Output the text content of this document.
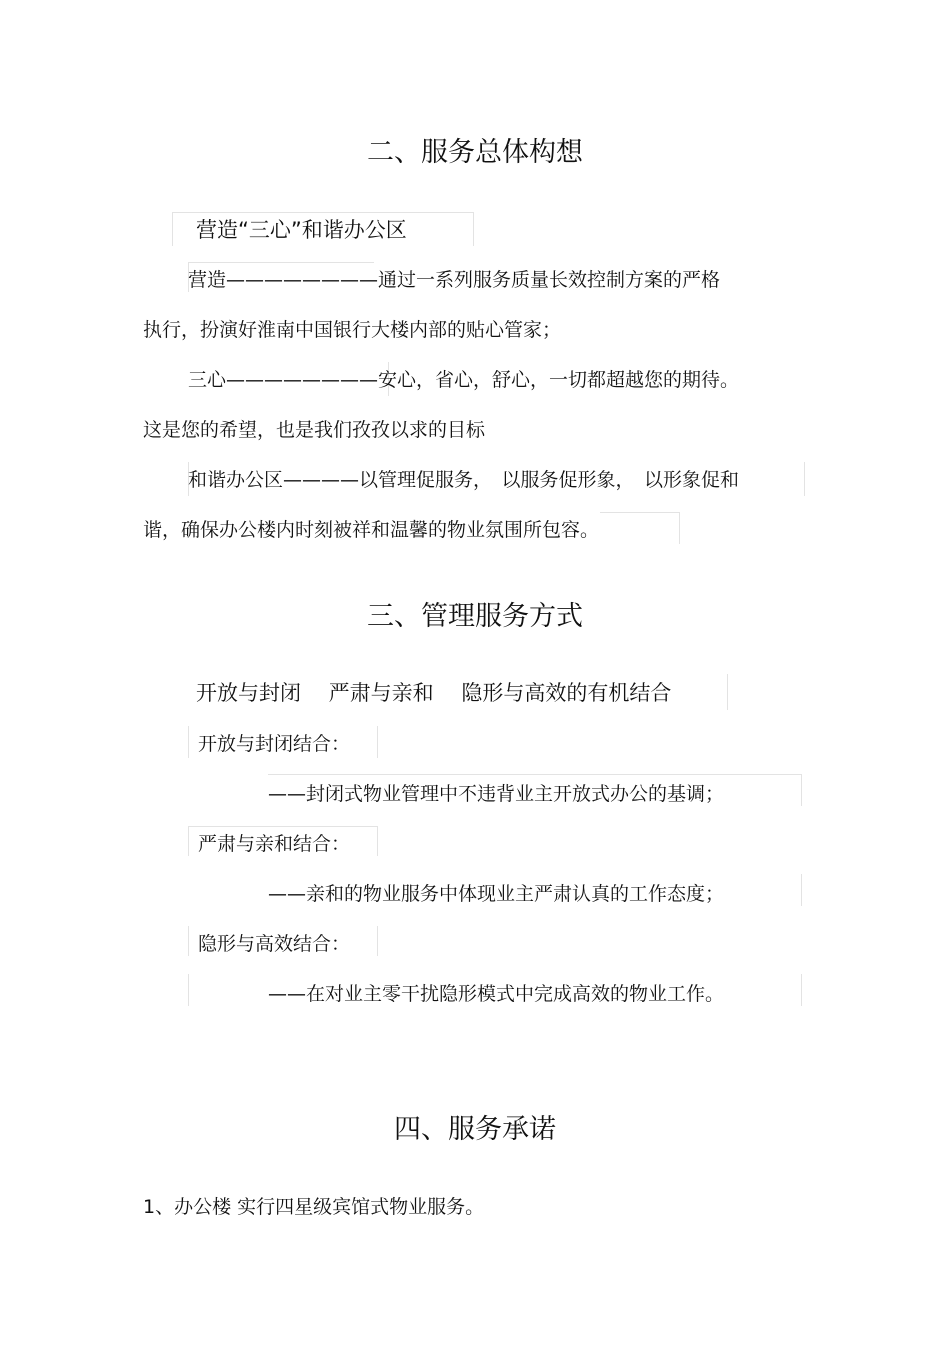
二、服务总体构想
营造“三心”和谐办公区
营造————————通过一系列服务质量长效控制方案的严格
执行，扮演好淮南中国银行大楼内部的贴心管家；
三心————————安心，省心，舒心，一切都超越您的期待。
这是您的希望，也是我们孜孜以求的目标
和谐办公区————以管理促服务，　以服务促形象，　以形象促和
谐，确保办公楼内时刻被祥和温馨的物业氛围所包容。
三、管理服务方式
开放与封闭　 严肃与亲和　 隐形与高效的有机结合
开放与封闭结合：
——封闭式物业管理中不违背业主开放式办公的基调；
严肃与亲和结合：
——亲和的物业服务中体现业主严肃认真的工作态度；
隐形与高效结合：
——在对业主零干扰隐形模式中完成高效的物业工作。
四、服务承诺
1、办公楼 实行四星级宾馆式物业服务。
